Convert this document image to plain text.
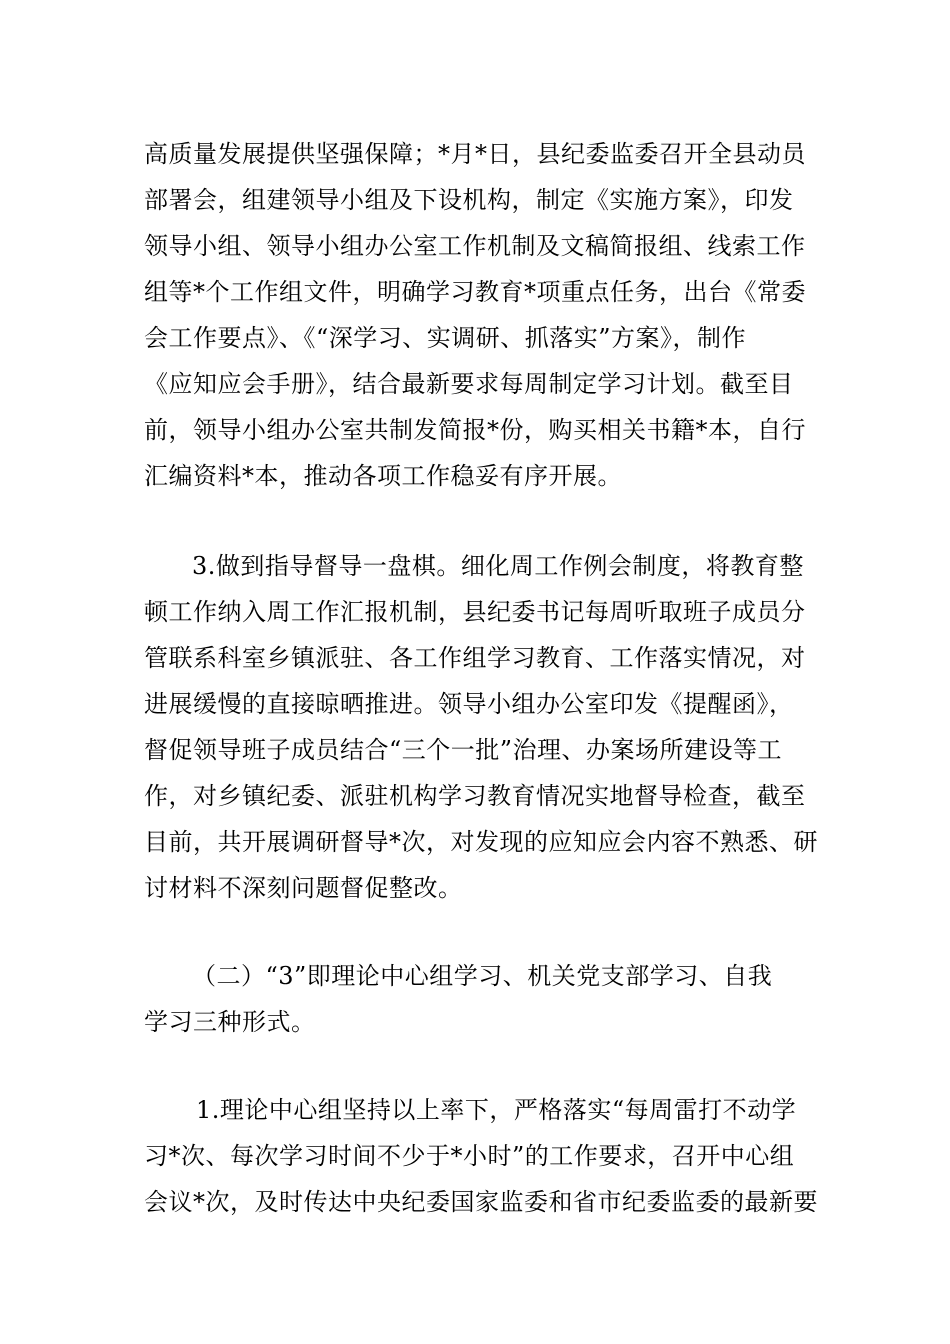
高质量发展提供坚强保障；*月*日，县纪委监委召开全县动员
部署会，组建领导小组及下设机构，制定《实施方案》，印发
领导小组、领导小组办公室工作机制及文稿简报组、线索工作
组等*个工作组文件，明确学习教育*项重点任务，出台《常委
会工作要点》、《“深学习、实调研、抓落实”方案》，制作
《应知应会手册》，结合最新要求每周制定学习计划。截至目
前，领导小组办公室共制发简报*份，购买相关书籍*本，自行
汇编资料*本，推动各项工作稳妥有序开展。
3.做到指导督导一盘棋。细化周工作例会制度，将教育整
顿工作纳入周工作汇报机制，县纪委书记每周听取班子成员分
管联系科室乡镇派驻、各工作组学习教育、工作落实情况，对
进展缓慢的直接晾晒推进。领导小组办公室印发《提醒函》，
督促领导班子成员结合“三个一批”治理、办案场所建设等工
作，对乡镇纪委、派驻机构学习教育情况实地督导检查，截至
目前，共开展调研督导*次，对发现的应知应会内容不熟悉、研
讨材料不深刻问题督促整改。
（二）“3”即理论中心组学习、机关党支部学习、自我
学习三种形式。
1.理论中心组坚持以上率下，严格落实“每周雷打不动学
习*次、每次学习时间不少于*小时”的工作要求，召开中心组
会议*次，及时传达中央纪委国家监委和省市纪委监委的最新要
